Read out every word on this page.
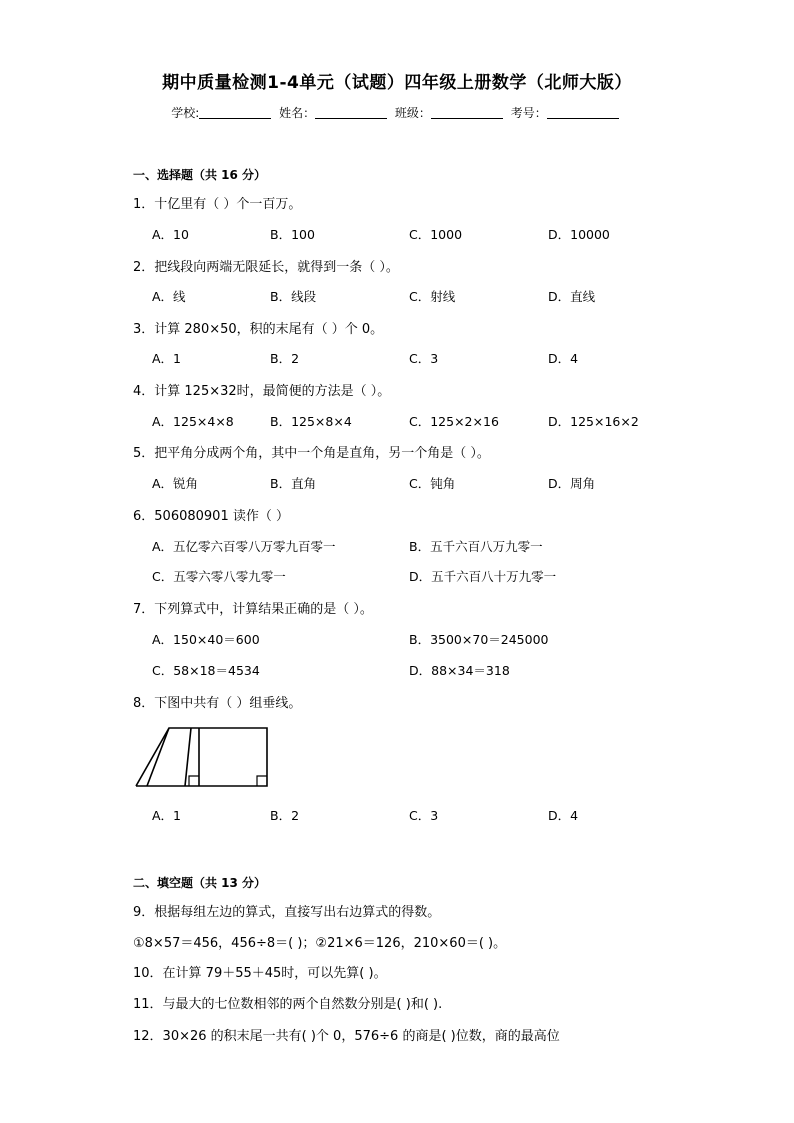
期中质量检测1-4单元（试题）四年级上册数学（北师大版）
学校:	姓名：	班级：	考号：
一、选择题（共 16 分）
1．十亿里有（ ）个一百万。
A．10	B．100	C．1000	D．10000
2．把线段向两端无限延长，就得到一条（ ）。
A．线	B．线段	C．射线	D．直线
3．计算 280×50，积的末尾有（ ）个 0。
A．1	B．2	C．3	D．4
4．计算 125×32时，最简便的方法是（ ）。
A．125×4×8	B．125×8×4	C．125×2×16	D．125×16×2
5．把平角分成两个角，其中一个角是直角，另一个角是（ ）。
A．锐角	B．直角	C．钝角	D．周角
6．506080901 读作（ ）
A．五亿零六百零八万零九百零一	B．五千六百八万九零一
C．五零六零八零九零一	D．五千六百八十万九零一
7．下列算式中，计算结果正确的是（ ）。
A．150×40＝600	B．3500×70＝245000
C．58×18＝4534	D．88×34＝318
8．下图中共有（ ）组垂线。
A．1	B．2	C．3	D．4
二、填空题（共 13 分）
9．根据每组左边的算式，直接写出右边算式的得数。
①8×57＝456，456÷8＝( )；②21×6＝126，210×60＝( )。
10．在计算 79＋55＋45时，可以先算( )。
11．与最大的七位数相邻的两个自然数分别是( )和( ).
12．30×26 的积末尾一共有( )个 0，576÷6 的商是( )位数，商的最高位
